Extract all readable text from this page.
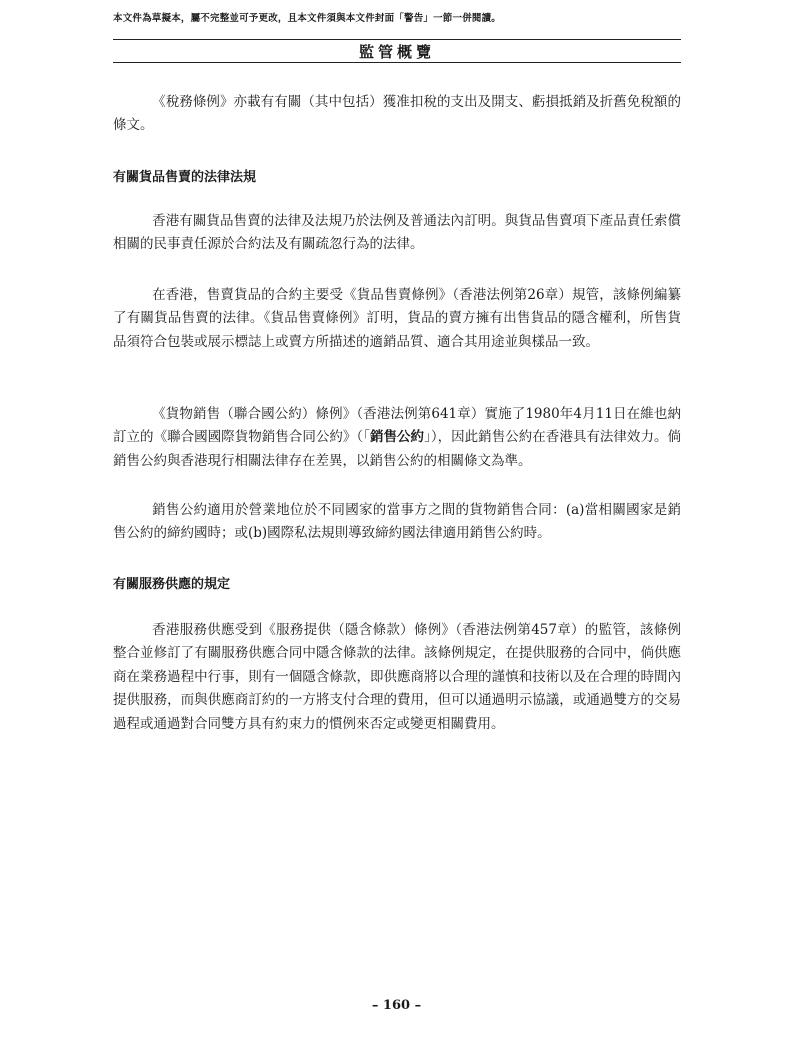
本文件為草擬本，屬不完整並可予更改，且本文件須與本文件封面「警告」一節一併閱讀。
監管概覽

《稅務條例》亦載有有關（其中包括）獲准扣稅的支出及開支、虧損抵銷及折舊免稅額的條文。

有關貨品售賣的法律法規

香港有關貨品售賣的法律及法規乃於法例及普通法內訂明。與貨品售賣項下產品責任索償相關的民事責任源於合約法及有關疏忽行為的法律。

在香港，售賣貨品的合約主要受《貨品售賣條例》（香港法例第26章）規管，該條例編纂了有關貨品售賣的法律。《貨品售賣條例》訂明，貨品的賣方擁有出售貨品的隱含權利，所售貨品須符合包裝或展示標誌上或賣方所描述的適銷品質、適合其用途並與樣品一致。

《貨物銷售（聯合國公約）條例》（香港法例第641章）實施了1980年4月11日在維也納訂立的《聯合國國際貨物銷售合同公約》（「銷售公約」），因此銷售公約在香港具有法律效力。倘銷售公約與香港現行相關法律存在差異，以銷售公約的相關條文為準。

銷售公約適用於營業地位於不同國家的當事方之間的貨物銷售合同：(a)當相關國家是銷售公約的締約國時；或(b)國際私法規則導致締約國法律適用銷售公約時。

有關服務供應的規定

香港服務供應受到《服務提供（隱含條款）條例》（香港法例第457章）的監管，該條例整合並修訂了有關服務供應合同中隱含條款的法律。該條例規定，在提供服務的合同中，倘供應商在業務過程中行事，則有一個隱含條款，即供應商將以合理的謹慎和技術以及在合理的時間內提供服務，而與供應商訂約的一方將支付合理的費用，但可以通過明示協議，或通過雙方的交易過程或通過對合同雙方具有約束力的慣例來否定或變更相關費用。

– 160 –
